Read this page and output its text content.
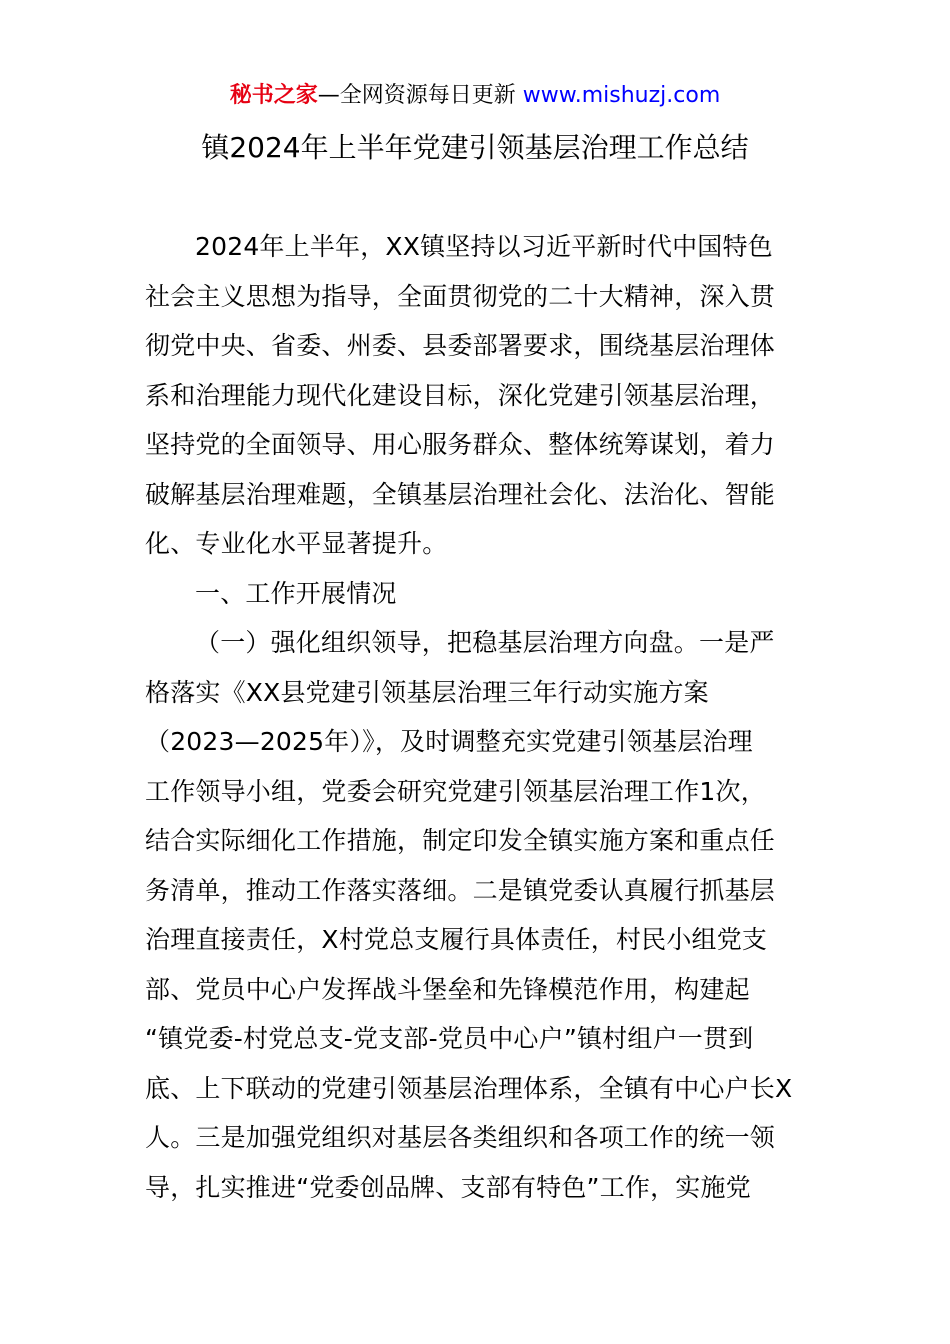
秘书之家—全网资源每日更新 www.mishuzj.com
镇2024年上半年党建引领基层治理工作总结
2024年上半年，XX镇坚持以习近平新时代中国特色
社会主义思想为指导，全面贯彻党的二十大精神，深入贯
彻党中央、省委、州委、县委部署要求，围绕基层治理体
系和治理能力现代化建设目标，深化党建引领基层治理，
坚持党的全面领导、用心服务群众、整体统筹谋划，着力
破解基层治理难题，全镇基层治理社会化、法治化、智能
化、专业化水平显著提升。
一、工作开展情况
（一）强化组织领导，把稳基层治理方向盘。一是严
格落实《XX县党建引领基层治理三年行动实施方案
（2023—2025年）》，及时调整充实党建引领基层治理
工作领导小组，党委会研究党建引领基层治理工作1次，
结合实际细化工作措施，制定印发全镇实施方案和重点任
务清单，推动工作落实落细。二是镇党委认真履行抓基层
治理直接责任，X村党总支履行具体责任，村民小组党支
部、党员中心户发挥战斗堡垒和先锋模范作用，构建起
“镇党委-村党总支-党支部-党员中心户”镇村组户一贯到
底、上下联动的党建引领基层治理体系，全镇有中心户长X
人。三是加强党组织对基层各类组织和各项工作的统一领
导，扎实推进“党委创品牌、支部有特色”工作，实施党
